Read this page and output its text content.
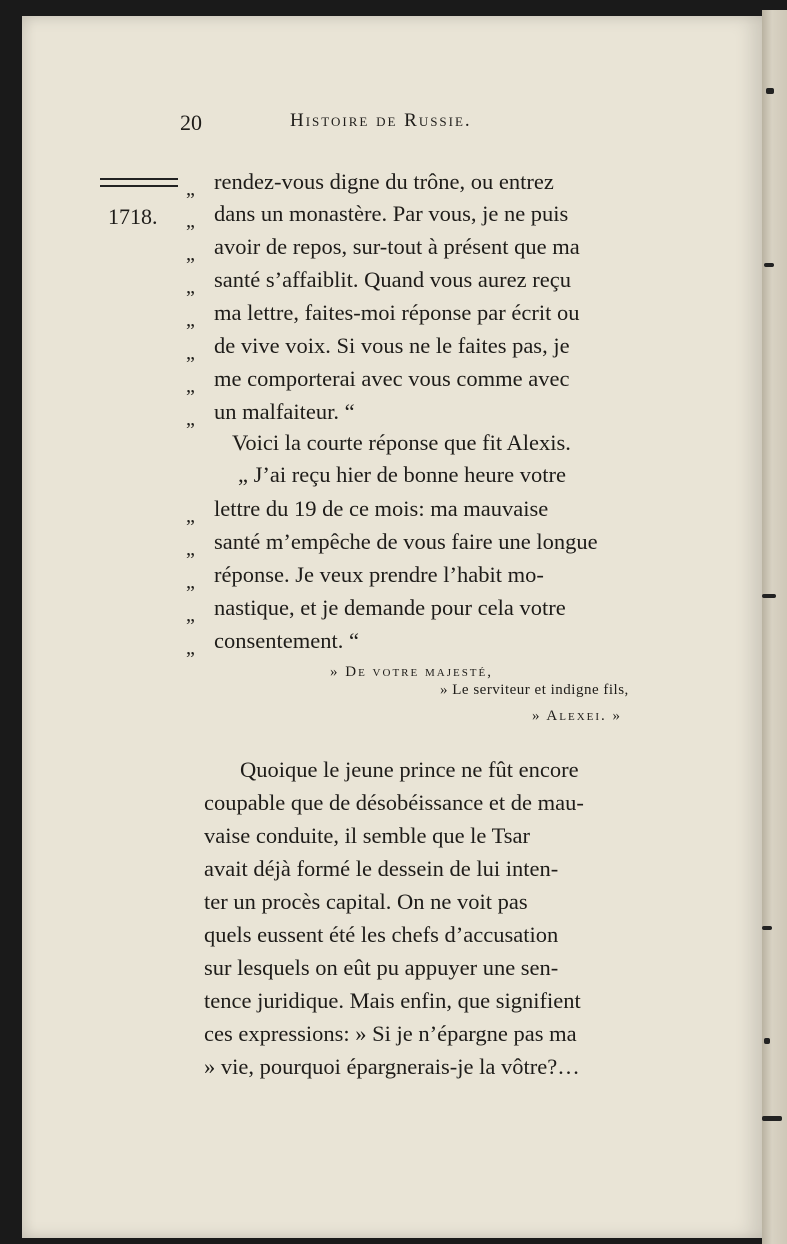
20	Histoire de Russie.
1718.
„ rendez-vous digne du trône, ou entrez
„ dans un monastère. Par vous, je ne puis
„ avoir de repos, sur-tout à présent que ma
„ santé s’affaiblit. Quand vous aurez reçu
„ ma lettre, faites-moi réponse par écrit ou
„ de vive voix. Si vous ne le faites pas, je
„ me comporterai avec vous comme avec
„ un malfaiteur. “
Voici la courte réponse que fit Alexis.
„ J’ai reçu hier de bonne heure votre
„ lettre du 19 de ce mois: ma mauvaise
„ santé m’empêche de vous faire une longue
„ réponse. Je veux prendre l’habit mo-
„ nastique, et je demande pour cela votre
„ consentement. “
» De votre majesté,
» Le serviteur et indigne fils,
» Alexei. »
Quoique le jeune prince ne fût encore
coupable que de désobéissance et de mau-
vaise conduite, il semble que le Tsar
avait déjà formé le dessein de lui inten-
ter un procès capital. On ne voit pas
quels eussent été les chefs d’accusation
sur lesquels on eût pu appuyer une sen-
tence juridique. Mais enfin, que signifient
ces expressions: » Si je n’épargne pas ma
» vie, pourquoi épargnerais-je la vôtre?…
